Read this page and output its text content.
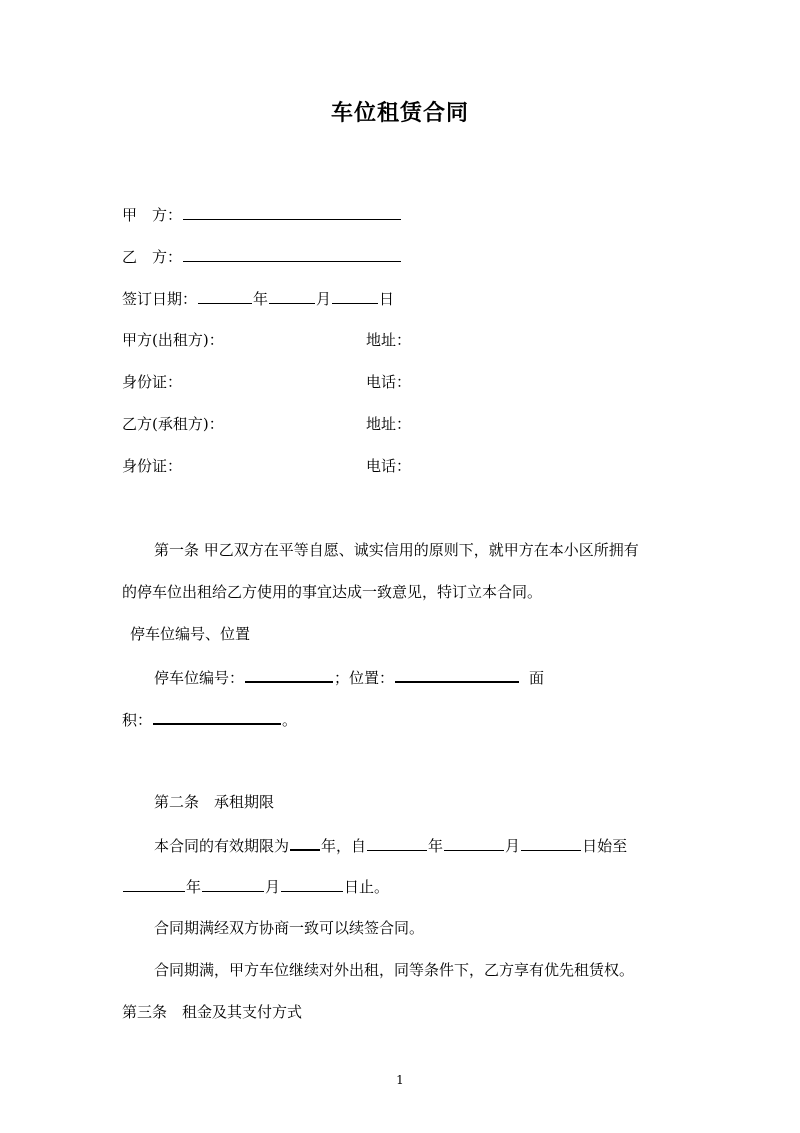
车位租赁合同
甲　方：
乙　方：
签订日期：	年	月	日
甲方(出租方)：	地址：
身份证：	电话：
乙方(承租方)：	地址：
身份证：	电话：
第一条 甲乙双方在平等自愿、诚实信用的原则下，就甲方在本小区所拥有
的停车位出租给乙方使用的事宜达成一致意见，特订立本合同。
停车位编号、位置
停车位编号：	；位置：	面
积：	。
第二条　承租期限
本合同的有效期限为 年，自	年	月	日始至
年	月	日止。
合同期满经双方协商一致可以续签合同。
合同期满，甲方车位继续对外出租，同等条件下，乙方享有优先租赁权。
第三条　租金及其支付方式
1
